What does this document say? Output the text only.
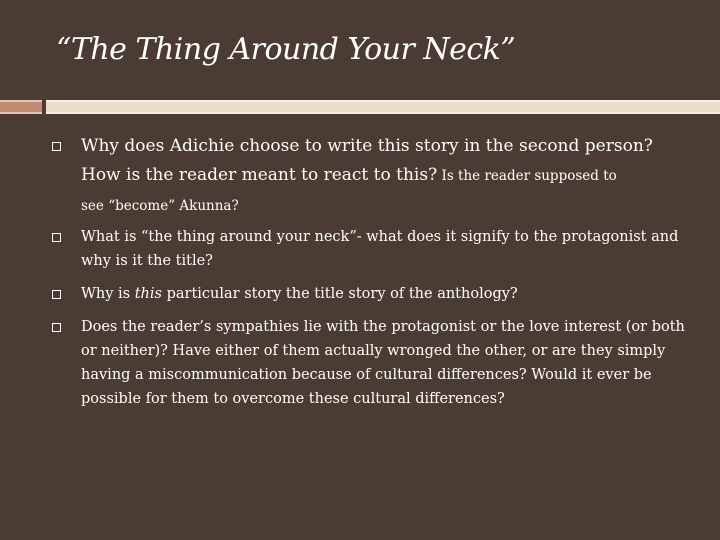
“The Thing Around Your Neck”
Why does Adichie choose to write this story in the second person?
How is the reader meant to react to this? Is the reader supposed to
see “become” Akunna?
What is “the thing around your neck”- what does it signify to the protagonist and why is it the title?
Why is this particular story the title story of the anthology?
Does the reader’s sympathies lie with the protagonist or the love interest (or both or neither)? Have either of them actually wronged the other, or are they simply having a miscommunication because of cultural differences? Would it ever be possible for them to overcome these cultural differences?
